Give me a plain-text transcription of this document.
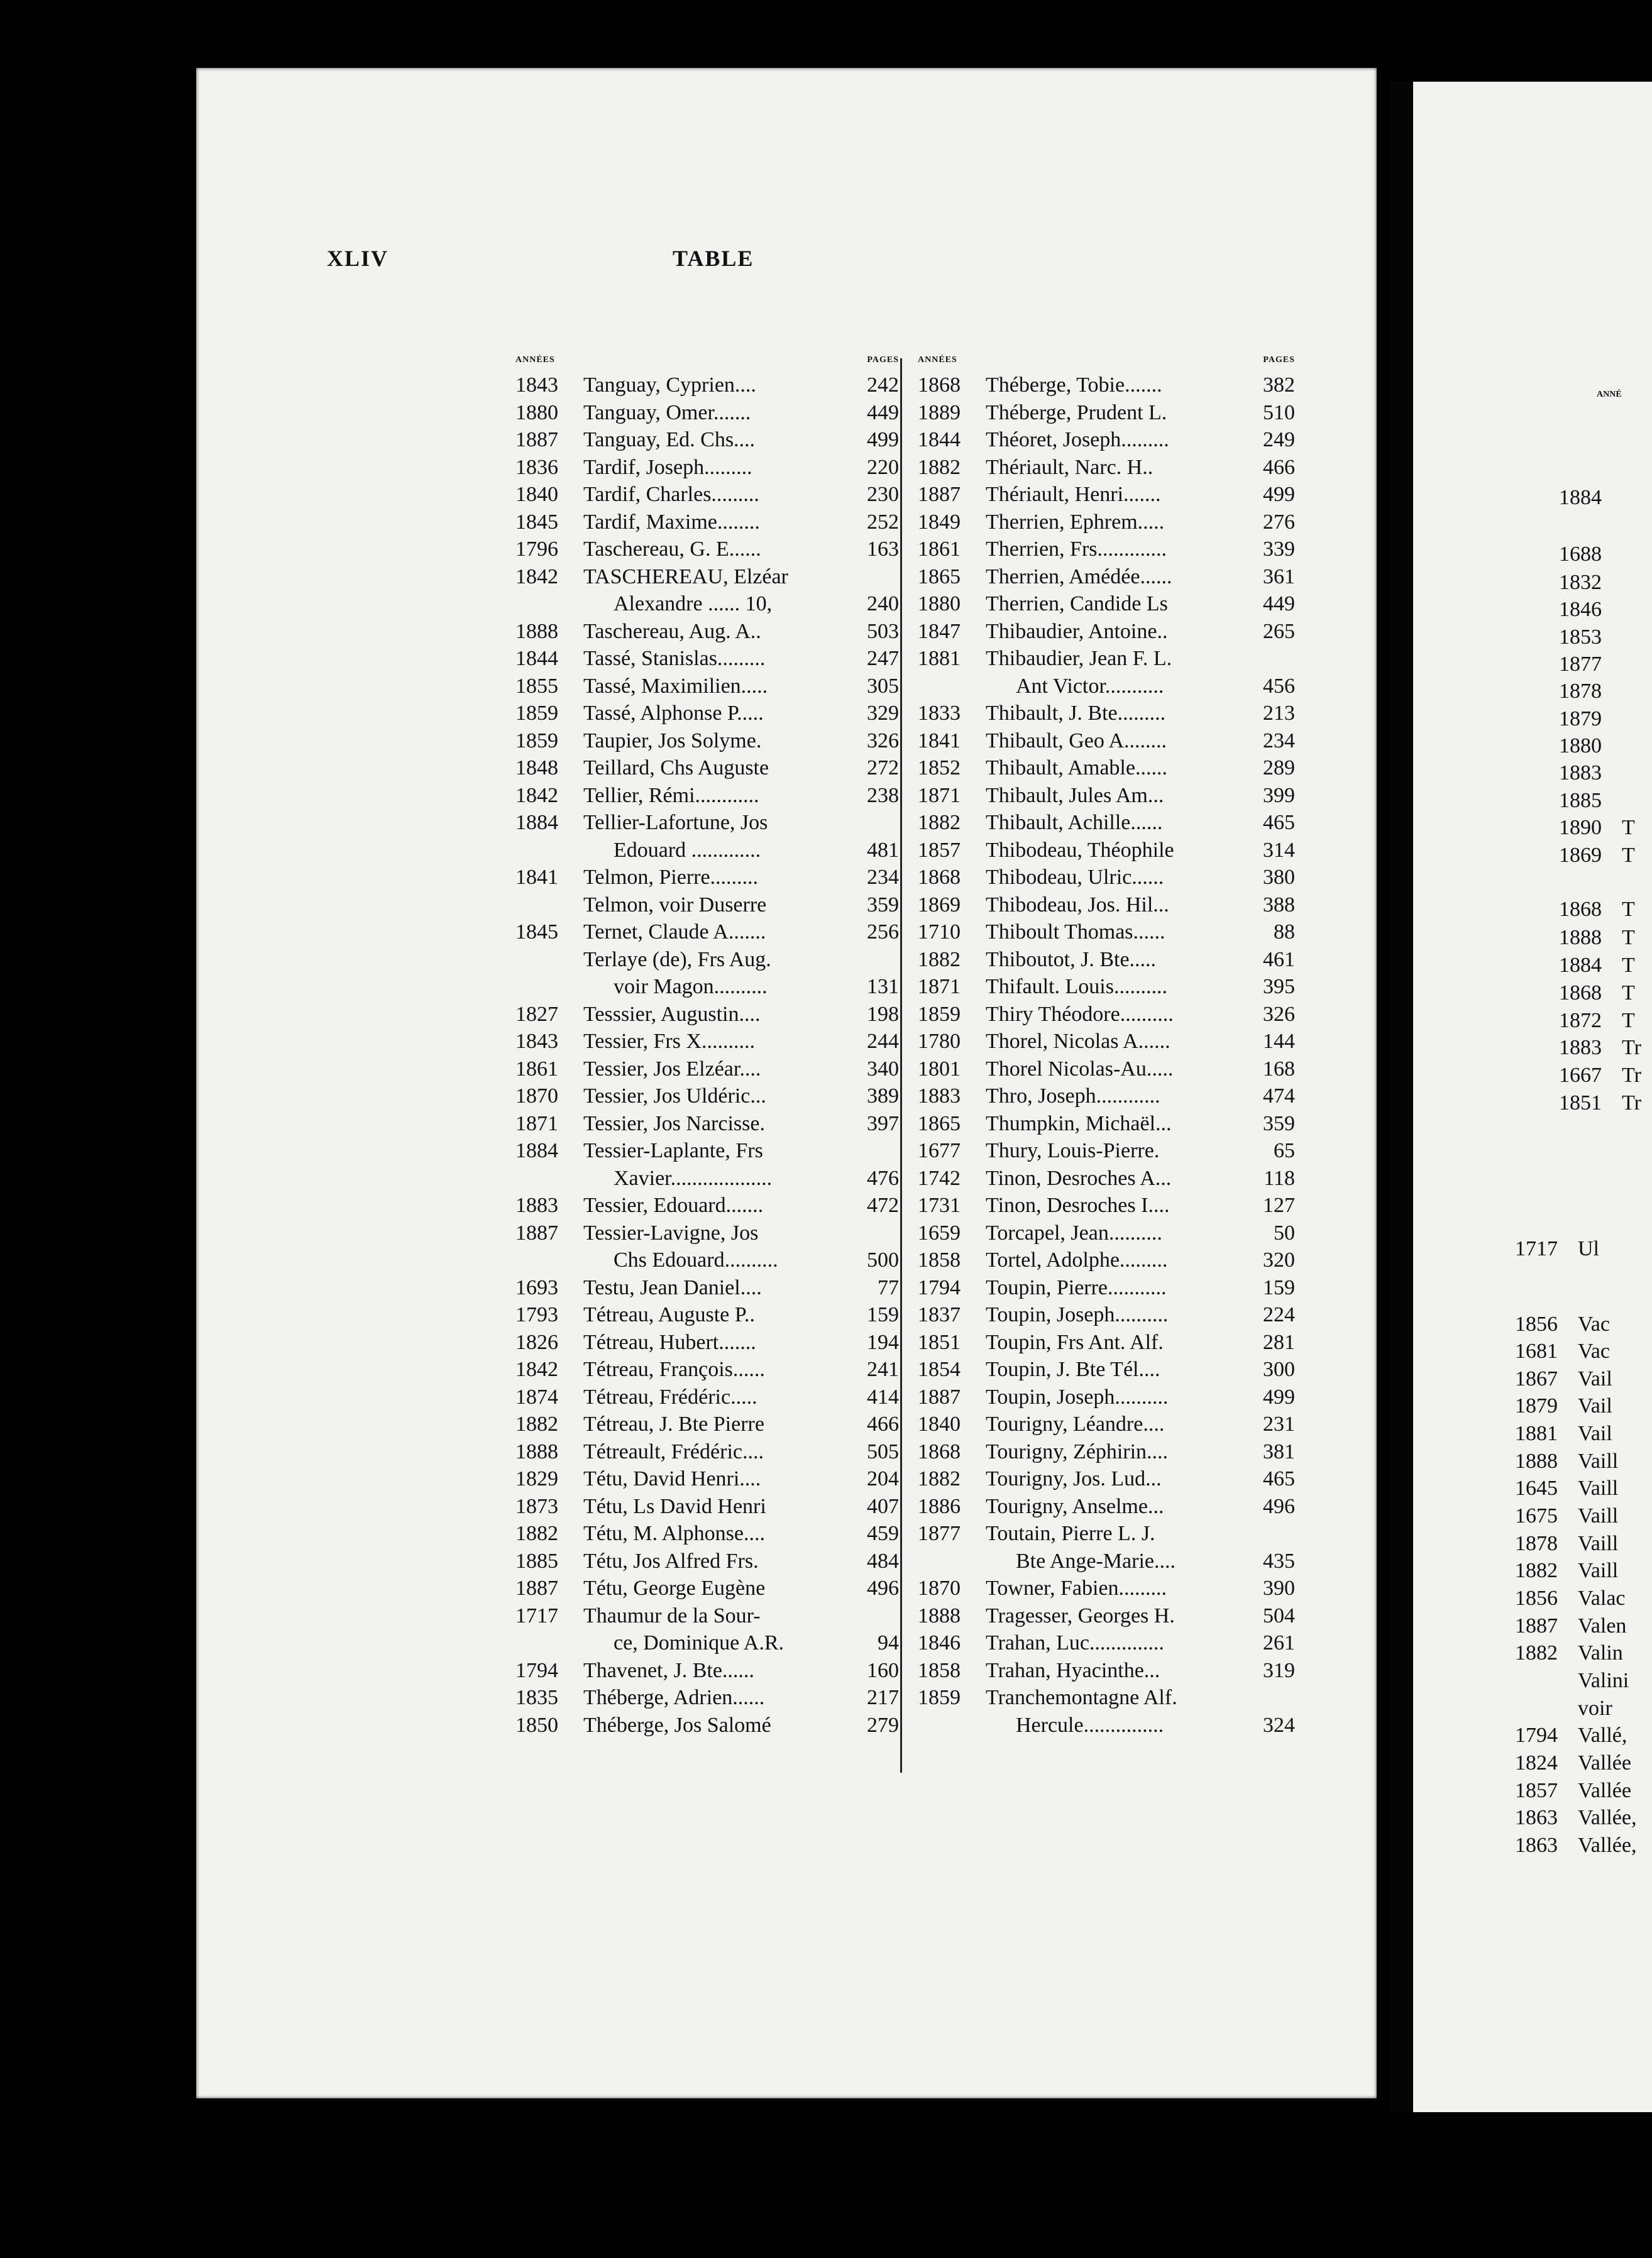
XLIV	TABLE
ANNÉES	PAGES
1843	Tanguay, Cyprien....	242
1880	Tanguay, Omer.......	449
1887	Tanguay, Ed. Chs....	499
1836	Tardif, Joseph.........	220
1840	Tardif, Charles.........	230
1845	Tardif, Maxime........	252
1796	Taschereau, G. E......	163
1842	TASCHEREAU, Elzéar
Alexandre ...... 10,	240
1888	Taschereau, Aug. A..	503
1844	Tassé, Stanislas.........	247
1855	Tassé, Maximilien.....	305
1859	Tassé, Alphonse P.....	329
1859	Taupier, Jos Solyme.	326
1848	Teillard, Chs Auguste	272
1842	Tellier, Rémi............	238
1884	Tellier-Lafortune, Jos
Edouard .............	481
1841	Telmon, Pierre.........	234
Telmon, voir Duserre	359
1845	Ternet, Claude A.......	256
Terlaye (de), Frs Aug.
voir Magon..........	131
1827	Tesssier, Augustin....	198
1843	Tessier, Frs X..........	244
1861	Tessier, Jos Elzéar....	340
1870	Tessier, Jos Uldéric...	389
1871	Tessier, Jos Narcisse.	397
1884	Tessier-Laplante, Frs
Xavier...................	476
1883	Tessier, Edouard.......	472
1887	Tessier-Lavigne, Jos
Chs Edouard..........	500
1693	Testu, Jean Daniel....	77
1793	Tétreau, Auguste P..	159
1826	Tétreau, Hubert.......	194
1842	Tétreau, François......	241
1874	Tétreau, Frédéric.....	414
1882	Tétreau, J. Bte Pierre	466
1888	Tétreault, Frédéric....	505
1829	Tétu, David Henri....	204
1873	Tétu, Ls David Henri	407
1882	Tétu, M. Alphonse....	459
1885	Tétu, Jos Alfred Frs.	484
1887	Tétu, George Eugène	496
1717	Thaumur de la Sour-
ce, Dominique A.R.	94
1794	Thavenet, J. Bte......	160
1835	Théberge, Adrien......	217
1850	Théberge, Jos Salomé	279
ANNÉES	PAGES
1868	Théberge, Tobie.......	382
1889	Théberge, Prudent L.	510
1844	Théoret, Joseph.........	249
1882	Thériault, Narc. H..	466
1887	Thériault, Henri.......	499
1849	Therrien, Ephrem.....	276
1861	Therrien, Frs.............	339
1865	Therrien, Amédée......	361
1880	Therrien, Candide Ls	449
1847	Thibaudier, Antoine..	265
1881	Thibaudier, Jean F. L.
Ant Victor...........	456
1833	Thibault, J. Bte.........	213
1841	Thibault, Geo A........	234
1852	Thibault, Amable......	289
1871	Thibault, Jules Am...	399
1882	Thibault, Achille......	465
1857	Thibodeau, Théophile	314
1868	Thibodeau, Ulric......	380
1869	Thibodeau, Jos. Hil...	388
1710	Thiboult Thomas......	88
1882	Thiboutot, J. Bte.....	461
1871	Thifault. Louis..........	395
1859	Thiry Théodore..........	326
1780	Thorel, Nicolas A......	144
1801	Thorel Nicolas-Au.....	168
1883	Thro, Joseph............	474
1865	Thumpkin, Michaël...	359
1677	Thury, Louis-Pierre.	65
1742	Tinon, Desroches A...	118
1731	Tinon, Desroches I....	127
1659	Torcapel, Jean..........	50
1858	Tortel, Adolphe.........	320
1794	Toupin, Pierre...........	159
1837	Toupin, Joseph..........	224
1851	Toupin, Frs Ant. Alf.	281
1854	Toupin, J. Bte Tél....	300
1887	Toupin, Joseph..........	499
1840	Tourigny, Léandre....	231
1868	Tourigny, Zéphirin....	381
1882	Tourigny, Jos. Lud...	465
1886	Tourigny, Anselme...	496
1877	Toutain, Pierre L. J.
Bte Ange-Marie....	435
1870	Towner, Fabien.........	390
1888	Tragesser, Georges H.	504
1846	Trahan, Luc..............	261
1858	Trahan, Hyacinthe...	319
1859	Tranchemontagne Alf.
Hercule...............	324
ANNÉ
1884
1688
1832
1846
1853
1877
1878
1879
1880
1883
1885
1890 T
1869 T
1868 T
1888 T
1884 T
1868 T
1872 T
1883 Tr
1667 Tr
1851 Tr
1717 Ul
1856 Vac
1681 Vac
1867 Vail
1879 Vail
1881 Vail
1888 Vaill
1645 Vaill
1675 Vaill
1878 Vaill
1882 Vaill
1856 Valac
1887 Valen
1882 Valin
Valini
voir
1794 Vallé,
1824 Vallée
1857 Vallée
1863 Vallée,
1863 Vallée,
